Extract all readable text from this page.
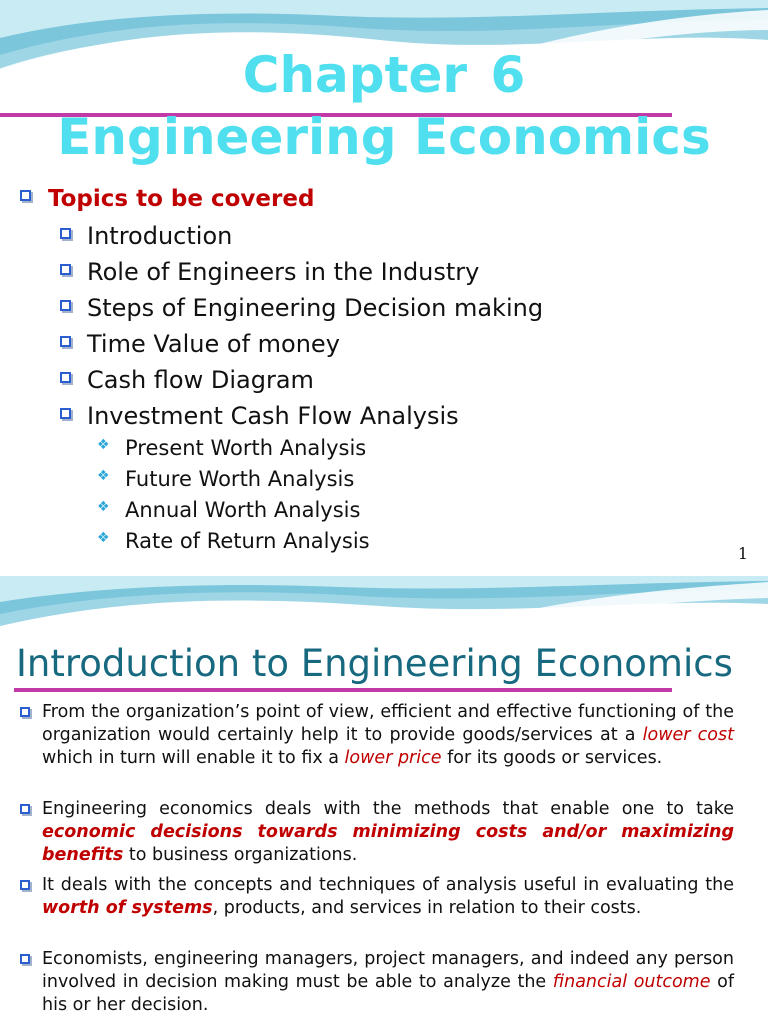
Chapter 6
Engineering Economics
Topics to be covered
Introduction
Role of Engineers in the Industry
Steps of Engineering Decision making
Time Value of money
Cash flow Diagram
Investment Cash Flow Analysis
❖ Present Worth Analysis
❖ Future Worth Analysis
❖ Annual Worth Analysis
❖ Rate of Return Analysis
1
Introduction to Engineering Economics
From the organization’s point of view, efficient and effective functioning of the organization would certainly help it to provide goods/services at a lower cost which in turn will enable it to fix a lower price for its goods or services.
Engineering economics deals with the methods that enable one to take economic decisions towards minimizing costs and/or maximizing benefits to business organizations.
It deals with the concepts and techniques of analysis useful in evaluating the worth of systems, products, and services in relation to their costs.
Economists, engineering managers, project managers, and indeed any person involved in decision making must be able to analyze the financial outcome of his or her decision.
